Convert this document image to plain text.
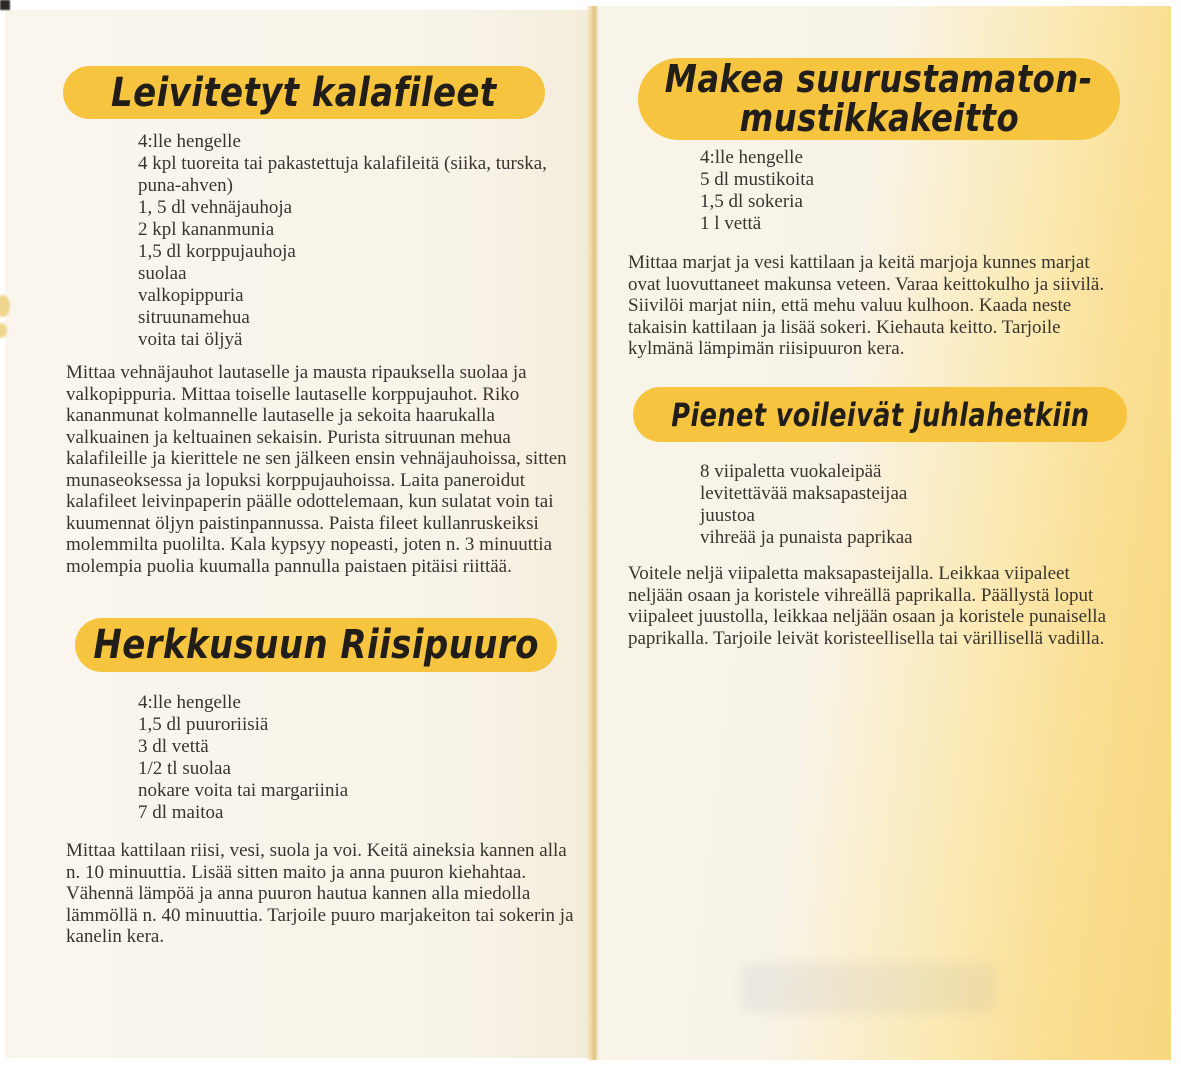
Leivitetyt kalafileet
4:lle hengelle
4 kpl tuoreita tai pakastettuja kalafileitä (siika, turska, puna-ahven)
1, 5 dl vehnäjauhoja
2 kpl kananmunia
1,5 dl korppujauhoja
suolaa
valkopippuria
sitruunamehua
voita tai öljyä

Mittaa vehnäjauhot lautaselle ja mausta ripauksella suolaa ja valkopippuria. Mittaa toiselle lautaselle korppujauhot. Riko kananmunat kolmannelle lautaselle ja sekoita haarukalla valkuainen ja keltuainen sekaisin. Purista sitruunan mehua kalafileille ja kierittele ne sen jälkeen ensin vehnäjauhoissa, sitten munaseoksessa ja lopuksi korppujauhoissa. Laita paneroidut kalafileet leivinpaperin päälle odottelemaan, kun sulatat voin tai kuumennat öljyn paistinpannussa. Paista fileet kullanruskeiksi molemmilta puolilta. Kala kypsyy nopeasti, joten n. 3 minuuttia molempia puolia kuumalla pannulla paistaen pitäisi riittää.

Herkkusuun Riisipuuro
4:lle hengelle
1,5 dl puuroriisiä
3 dl vettä
1/2 tl suolaa
nokare voita tai margariinia
7 dl maitoa

Mittaa kattilaan riisi, vesi, suola ja voi. Keitä aineksia kannen alla n. 10 minuuttia. Lisää sitten maito ja anna puuron kiehahtaa. Vähennä lämpöä ja anna puuron hautua kannen alla miedolla lämmöllä n. 40 minuuttia. Tarjoile puuro marjakeiton tai sokerin ja kanelin kera.

Makea suurustamaton-
mustikkakeitto
4:lle hengelle
5 dl mustikoita
1,5 dl sokeria
1 l vettä

Mittaa marjat ja vesi kattilaan ja keitä marjoja kunnes marjat ovat luovuttaneet makunsa veteen. Varaa keittokulho ja siivilä. Siivilöi marjat niin, että mehu valuu kulhoon. Kaada neste takaisin kattilaan ja lisää sokeri. Kiehauta keitto. Tarjoile kylmänä lämpimän riisipuuron kera.

Pienet voileivät juhlahetkiin
8 viipaletta vuokaleipää
levitettävää maksapasteijaa
juustoa
vihreää ja punaista paprikaa

Voitele neljä viipaletta maksapasteijalla. Leikkaa viipaleet neljään osaan ja koristele vihreällä paprikalla. Päällystä loput viipaleet juustolla, leikkaa neljään osaan ja koristele punaisella paprikalla. Tarjoile leivät koristeellisella tai värillisellä vadilla.
